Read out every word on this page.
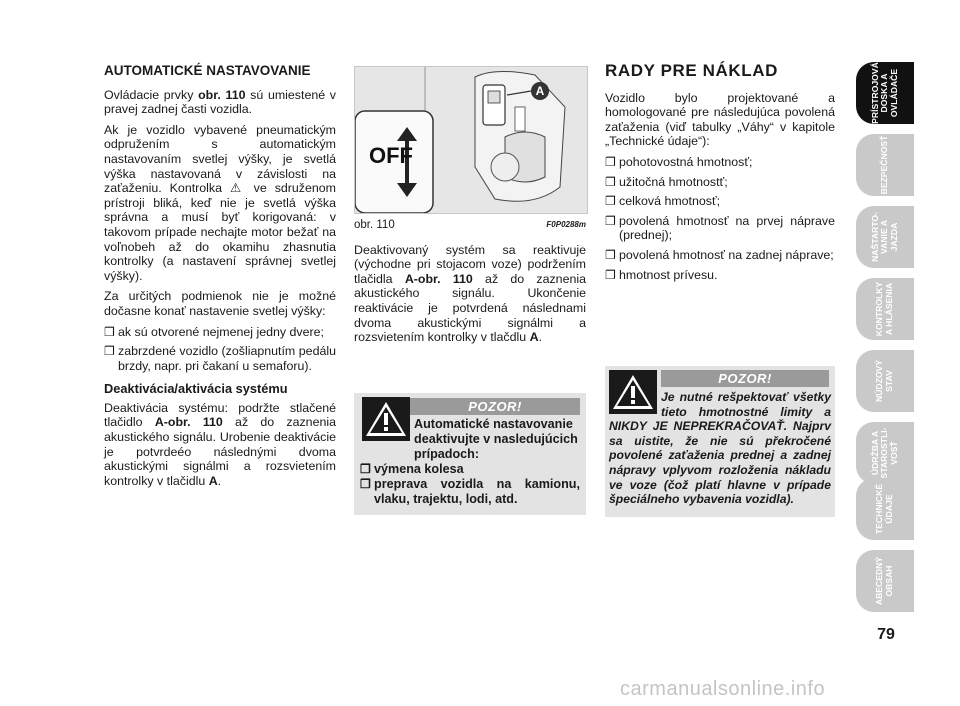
AUTOMATICKÉ NASTAVOVANIE

Ovládacie prvky obr. 110 sú umiestené v pravej zadnej časti vozidla.

Ak je vozidlo vybavené pneumatickým odpružením s automatickým nastavovaním svetlej výšky, je svetlá výška nastavovaná v závislosti na zaťaženiu. Kontrolka ⚠ ve sdruženom prístroji bliká, keď nie je svetlá výška správna a musí byť korigovaná: v takovom prípade nechajte motor bežať na voľnobeh až do okamihu zhasnutia kontrolky (a nastavení správnej svetlej výšky).

Za určitých podmienok nie je možné dočasne konať nastavenie svetlej výšky:

❒ ak sú otvorené nejmenej jedny dvere;
❒ zabrzdené vozidlo (zošliapnutím pedálu brzdy, napr. pri čakaní u semaforu).
Deaktivácia/aktivácia systému

Deaktivácia systému: podržte stlačené tlačidlo A-obr. 110 až do zaznenia akustického signálu. Urobenie deaktivácie je potvrdeéo následnými dvoma akustickými signálmi a rozsvietením kontrolky v tlačidlu A.

OFF
A
obr. 110	F0P0288m

Deaktivovaný systém sa reaktivuje (východne pri stojacom voze) podržením tlačidla A-obr. 110 až do zaznenia akustického signálu. Ukončenie reaktivácie je potvrdená následnami dvoma akustickými signálmi a rozsvietením kontrolky v tlačdlu A.

POZOR!
Automatické nastavovanie deaktivujte v nasledujúcich prípadoch:
❒ výmena kolesa
❒ preprava vozidla na kamionu, vlaku, trajektu, lodi, atd.
RADY PRE NÁKLAD

Vozidlo bylo projektované a homologované pre následujúca povolená zaťaženia (viď tabulky „Váhy“ v kapitole „Technické údaje“):

❒ pohotovostná hmotnosť;
❒ užitočná hmotnostť;
❒ celková hmotnosť;
❒ povolená hmotnosť na prvej náprave (prednej);
❒ povolená hmotnosť na zadnej náprave;
❒ hmotnost prívesu.
POZOR!
Je nutné rešpektovať všetky tieto hmotnostné limity a NIKDY JE NEPREKRAČOVAŤ. Najprv sa uistite, že nie sú překročené povolené zaťaženia prednej a zadnej nápravy vplyvom rozloženia nákladu ve voze (čož platí hlavne v prípade špeciálneho vybavenia vozidla).
PRÍSTROJOVÁ
DOSKA A
OVLÁDAČE
BEZPEČNOSŤ
NAŠTARTO-
VANIE A
JAZDA
KONTROLKY
A HLÁSENIA
NÚDZOVÝ
STAV
ÚDRŽBA A
STAROSTLI-
VOSŤ
TECHNICKÉ
ÚDAJE
ABECEDNÝ
OBSAH
79
carmanualsonline.info
